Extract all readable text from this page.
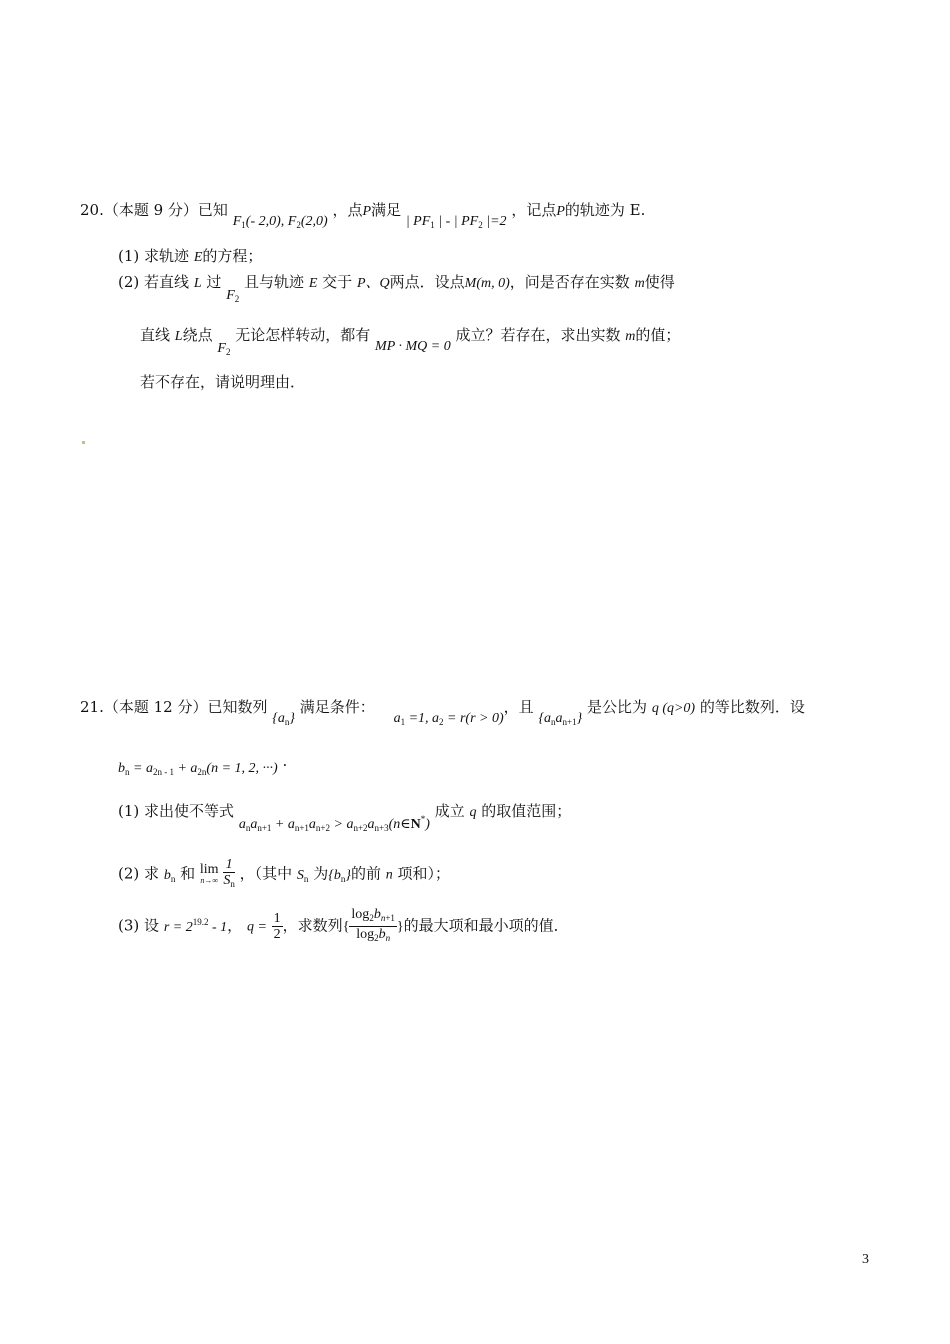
20.（本题 9 分）已知 $F_1(-$ 2,0), $F_2(2,0)$ ，点P满足 | $PF_1$ | - | $PF_2$ |=2 ，记点P的轨迹为 E.
(1) 求轨迹 E的方程；
(2) 若直线 L 过 $F_2$ 且与轨迹 E 交于 P、Q两点．设点M(m, 0)，问是否存在实数 m使得
直线 L绕点 $F_2$ 无论怎样转动，都有 MP · MQ = 0 成立？若存在，求出实数 m的值；
若不存在，请说明理由．
21.（本题 12 分）已知数列 $\{a_n\}$ 满足条件： $a_1 =1$, $a_2 = r(r > 0)$，且 $\{a_na_{n+1}\}$ 是公比为 q (q>0) 的等比数列．设
$b_n = a_{2n - 1} + a_{2n}(n = 1$, 2, ···) .
(1) 求出使不等式 $a_na_{n+1} + a_{n+1}a_{n+2}$ > $a_{n+2}a_{n+3}(n\in N^*)$ 成立 q 的取值范围；
(2) 求 $b_n$ 和 lim
n→∞
$\frac{1}{S_n}$ ，（其中 $S_n$ 为$\{b_n\}$的前 n 项和）；
(3) 设 $r = 2^{19.2} - 1$， $q = \frac{1}{2}$ ，求数列{ $\frac{\log_2b_{n+1}}{\log_2b_n}$ }的最大项和最小项的值．
3
